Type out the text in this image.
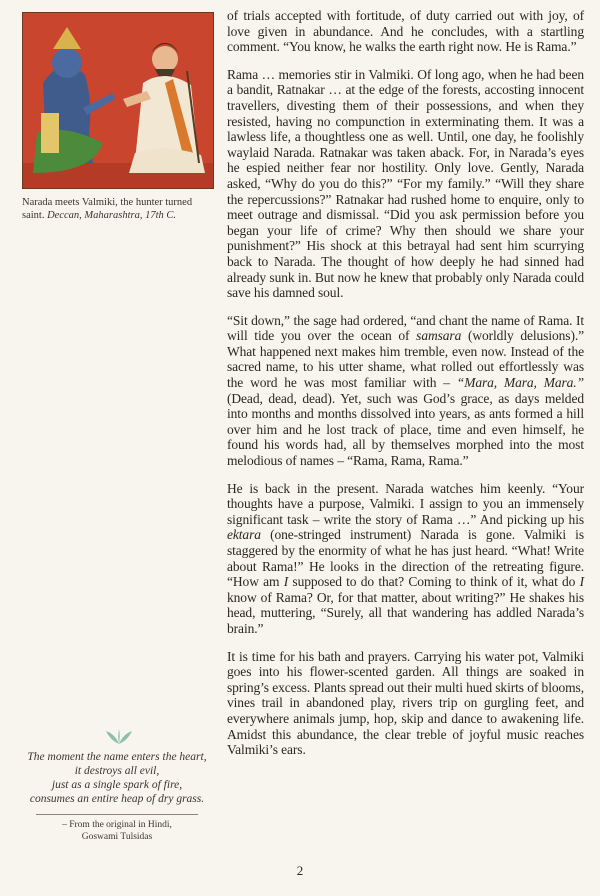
Narada meets Valmiki, the hunter turned saint. Deccan, Maharashtra, 17th C.
The moment the name enters the heart,
it destroys all evil,
just as a single spark of fire,
consumes an entire heap of dry grass.
– From the original in Hindi,
Goswami Tulsidas

of trials accepted with fortitude, of duty carried out with joy, of love given in abundance. And he concludes, with a startling comment. “You know, he walks the earth right now. He is Rama.”

Rama … memories stir in Valmiki. Of long ago, when he had been a bandit, Ratnakar … at the edge of the forests, accosting innocent travellers, divesting them of their possessions, and when they resisted, having no compunction in exterminating them. It was a lawless life, a thoughtless one as well. Until, one day, he foolishly waylaid Narada. Ratnakar was taken aback. For, in Narada’s eyes he espied neither fear nor hostility. Only love. Gently, Narada asked, “Why do you do this?” “For my family.” “Will they share the repercussions?” Ratnakar had rushed home to enquire, only to meet outrage and dismissal. “Did you ask permission before you began your life of crime? Why then should we share your punishment?” His shock at this betrayal had sent him scurrying back to Narada. The thought of how deeply he had sinned had already sunk in. But now he knew that probably only Narada could save his damned soul.

“Sit down,” the sage had ordered, “and chant the name of Rama. It will tide you over the ocean of samsara (worldly delusions).” What happened next makes him tremble, even now. Instead of the sacred name, to his utter shame, what rolled out effortlessly was the word he was most familiar with – “Mara, Mara, Mara.” (Dead, dead, dead). Yet, such was God’s grace, as days melded into months and months dissolved into years, as ants formed a hill over him and he lost track of place, time and even himself, he found his words had, all by themselves morphed into the most melodious of names – “Rama, Rama, Rama.”

He is back in the present. Narada watches him keenly. “Your thoughts have a purpose, Valmiki. I assign to you an immensely significant task – write the story of Rama …” And picking up his ektara (one-stringed instrument) Narada is gone. Valmiki is staggered by the enormity of what he has just heard. “What! Write about Rama!” He looks in the direction of the retreating figure. “How am I supposed to do that? Coming to think of it, what do I know of Rama? Or, for that matter, about writing?” He shakes his head, muttering, “Surely, all that wandering has addled Narada’s brain.”

It is time for his bath and prayers. Carrying his water pot, Valmiki goes into his flower-scented garden. All things are soaked in spring’s excess. Plants spread out their multi hued skirts of blooms, vines trail in abandoned play, rivers trip on gurgling feet, and everywhere animals jump, hop, skip and dance to awakening life. Amidst this abundance, the clear treble of joyful music reaches Valmiki’s ears.

2
